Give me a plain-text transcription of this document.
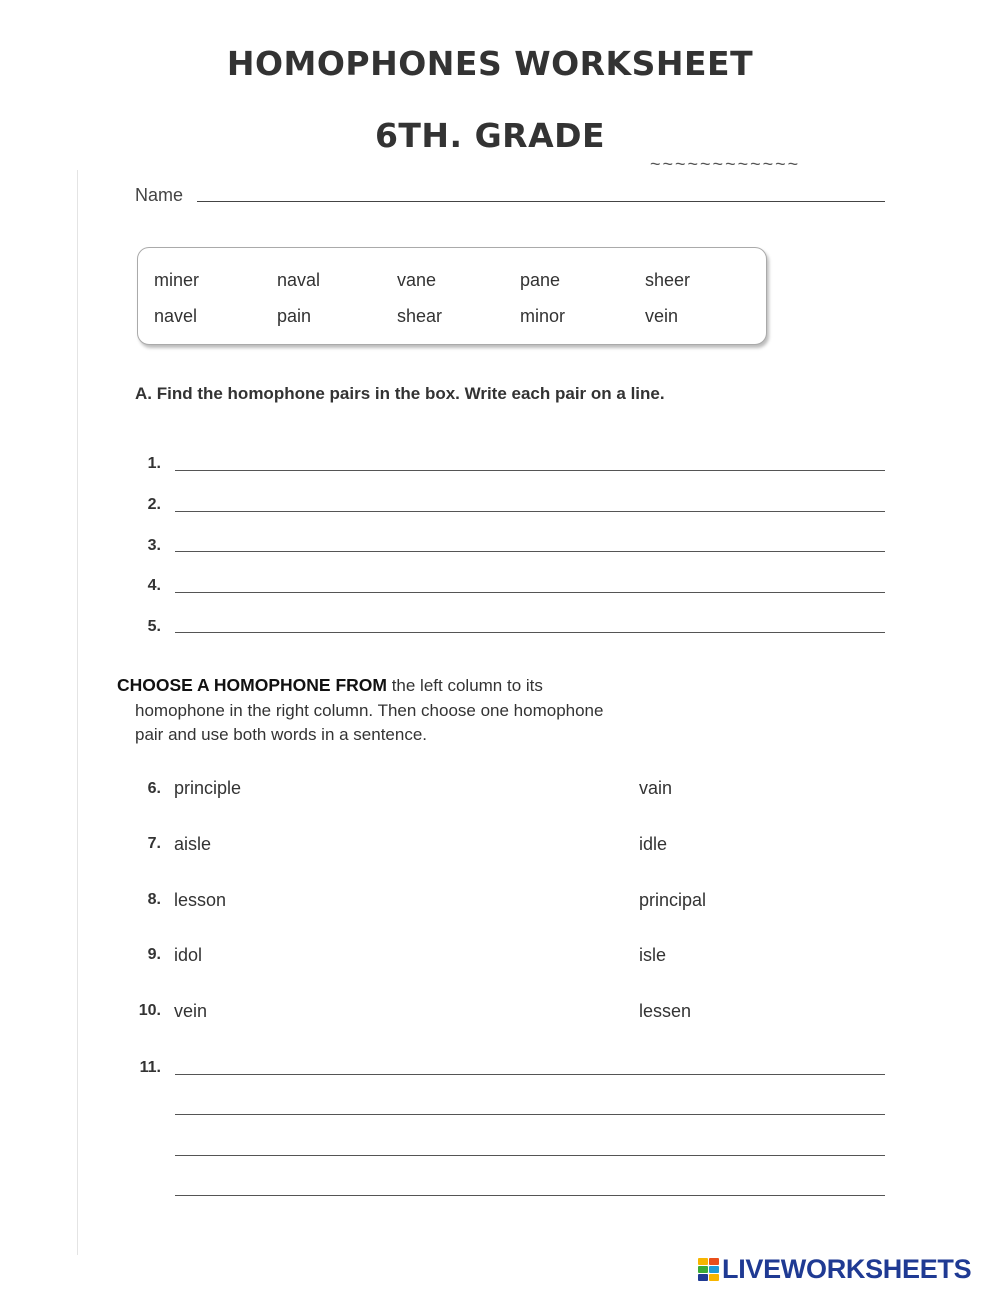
HOMOPHONES WORKSHEET
6TH. GRADE
~~~~~~~~~~~~
Name
miner	naval	vane	pane	sheer
navel	pain	shear	minor	vein
A. Find the homophone pairs in the box. Write each pair on a line.
1.
2.
3.
4.
5.
CHOOSE A HOMOPHONE FROM the left column to its
homophone in the right column. Then choose one homophone
pair and use both words in a sentence.
6. principle	vain
7. aisle	idle
8. lesson	principal
9. idol	isle
10. vein	lessen
11.
LIVEWORKSHEETS
